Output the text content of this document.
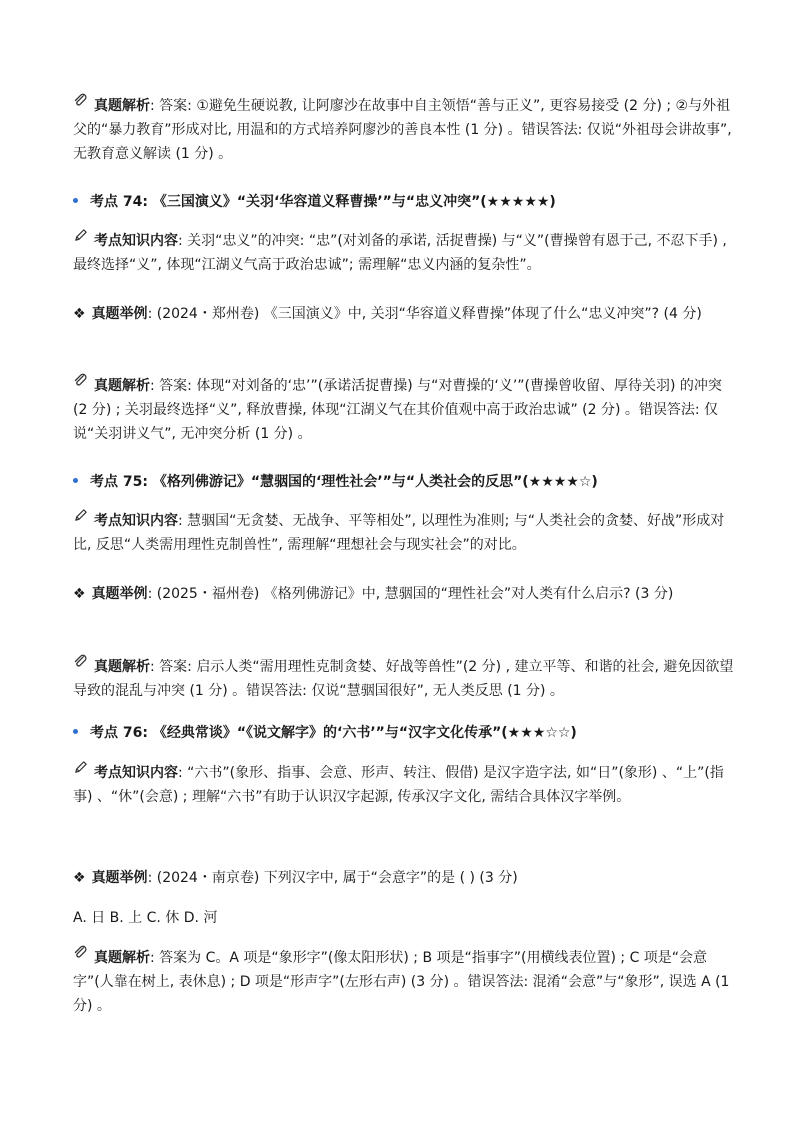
真题解析: 答案: ①避免生硬说教, 让阿廖沙在故事中自主领悟“善与正义”, 更容易接受 (2 分) ; ②与外祖父的“暴力教育”形成对比, 用温和的方式培养阿廖沙的善良本性 (1 分) 。错误答法: 仅说“外祖母会讲故事”, 无教育意义解读 (1 分) 。

考点 74: 《三国演义》“关羽‘华容道义释曹操’”与“忠义冲突”(★★★★★)

考点知识内容: 关羽“忠义”的冲突: “忠”(对刘备的承诺, 活捉曹操) 与“义”(曹操曾有恩于己, 不忍下手) , 最终选择“义”, 体现“江湖义气高于政治忠诚”; 需理解“忠义内涵的复杂性”。

❖ 真题举例: (2024・郑州卷) 《三国演义》中, 关羽“华容道义释曹操”体现了什么“忠义冲突”? (4 分)

真题解析: 答案: 体现“对刘备的‘忠’”(承诺活捉曹操) 与“对曹操的‘义’”(曹操曾收留、厚待关羽) 的冲突 (2 分) ; 关羽最终选择“义”, 释放曹操, 体现“江湖义气在其价值观中高于政治忠诚” (2 分) 。错误答法: 仅说“关羽讲义气”, 无冲突分析 (1 分) 。

考点 75: 《格列佛游记》“慧骃国的‘理性社会’”与“人类社会的反思”(★★★★☆)

考点知识内容: 慧骃国“无贪婪、无战争、平等相处”, 以理性为准则; 与“人类社会的贪婪、好战”形成对比, 反思“人类需用理性克制兽性”, 需理解“理想社会与现实社会”的对比。

❖ 真题举例: (2025・福州卷) 《格列佛游记》中, 慧骃国的“理性社会”对人类有什么启示? (3 分)

真题解析: 答案: 启示人类“需用理性克制贪婪、好战等兽性”(2 分) , 建立平等、和谐的社会, 避免因欲望导致的混乱与冲突 (1 分) 。错误答法: 仅说“慧骃国很好”, 无人类反思 (1 分) 。

考点 76: 《经典常谈》“《说文解字》的‘六书’”与“汉字文化传承”(★★★☆☆)

考点知识内容: “六书”(象形、指事、会意、形声、转注、假借) 是汉字造字法, 如“日”(象形) 、“上”(指事) 、“休”(会意) ; 理解“六书”有助于认识汉字起源, 传承汉字文化, 需结合具体汉字举例。

❖ 真题举例: (2024・南京卷) 下列汉字中, 属于“会意字”的是 ( ) (3 分)

A. 日 B. 上 C. 休 D. 河

真题解析: 答案为 C。A 项是“象形字”(像太阳形状) ; B 项是“指事字”(用横线表位置) ; C 项是“会意字”(人靠在树上, 表休息) ; D 项是“形声字”(左形右声) (3 分) 。错误答法: 混淆“会意”与“象形”, 误选 A (1 分) 。
